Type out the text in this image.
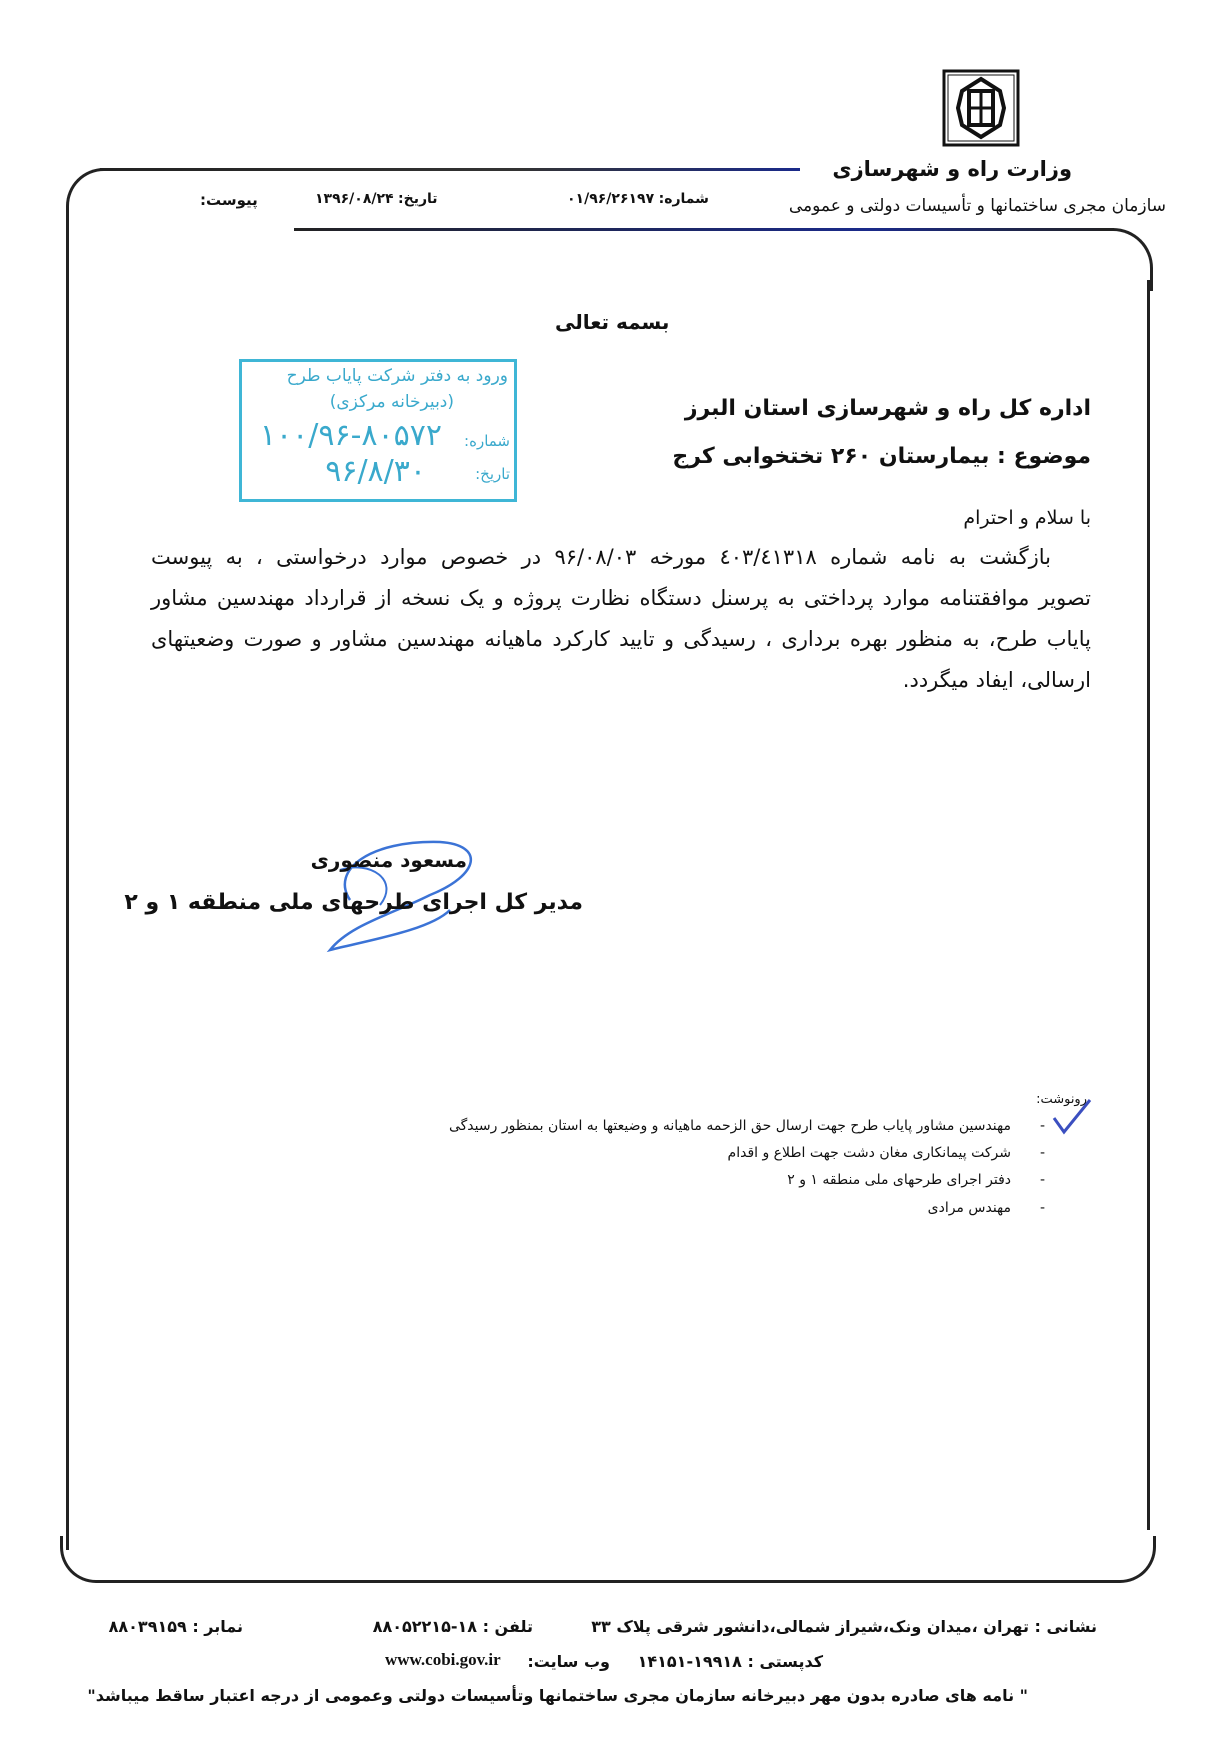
وزارت راه و شهرسازی
سازمان مجری ساختمانها و تأسیسات دولتی و عمومی
شماره: ۰۱/۹۶/۲۶۱۹۷
تاریخ: ۱۳۹۶/۰۸/۲۴
پیوست:
بسمه تعالی
ورود به دفتر شرکت پایاب طرح
(دبیرخانه مرکزی)
شماره:
۱۰۰/۹۶-۸۰۵۷۲
تاریخ:
۹۶/۸/۳۰
اداره کل راه و شهرسازی استان البرز
موضوع : بیمارستان ۲۶۰ تختخوابی کرج
با سلام و احترام
بازگشت به نامه شماره ٤٠٣/٤١٣١٨ مورخه ۹۶/۰۸/۰۳ در خصوص موارد درخواستی ، به پیوست
تصویر موافقتنامه موارد پرداختی به پرسنل دستگاه نظارت پروژه و یک نسخه از قرارداد مهندسین مشاور
پایاب طرح، به منظور بهره برداری ، رسیدگی و تایید کارکرد ماهیانه مهندسین مشاور و صورت وضعیتهای
ارسالی، ایفاد میگردد.
مسعود منصوری
مدیر کل اجرای طرحهای ملی منطقه ۱ و ۲
رونوشت:
-
مهندسین مشاور پایاب طرح جهت ارسال حق الزحمه ماهیانه و وضیعتها به استان بمنظور رسیدگی
-
شرکت پیمانکاری مغان دشت جهت اطلاع و اقدام
-
دفتر اجرای طرحهای ملی منطقه ۱ و ۲
-
مهندس مرادی
نشانی : تهران ،میدان ونک،شیراز شمالی،دانشور شرقی پلاک ۳۳
تلفن : ۱۸-۸۸۰۵۲۲۱۵
نمابر : ۸۸۰۳۹۱۵۹
کدپستی : ۱۹۹۱۸-۱۴۱۵۱
وب سایت:
www.cobi.gov.ir
" نامه های صادره بدون مهر دبیرخانه سازمان مجری ساختمانها وتأسیسات دولتی وعمومی از درجه اعتبار ساقط میباشد"
